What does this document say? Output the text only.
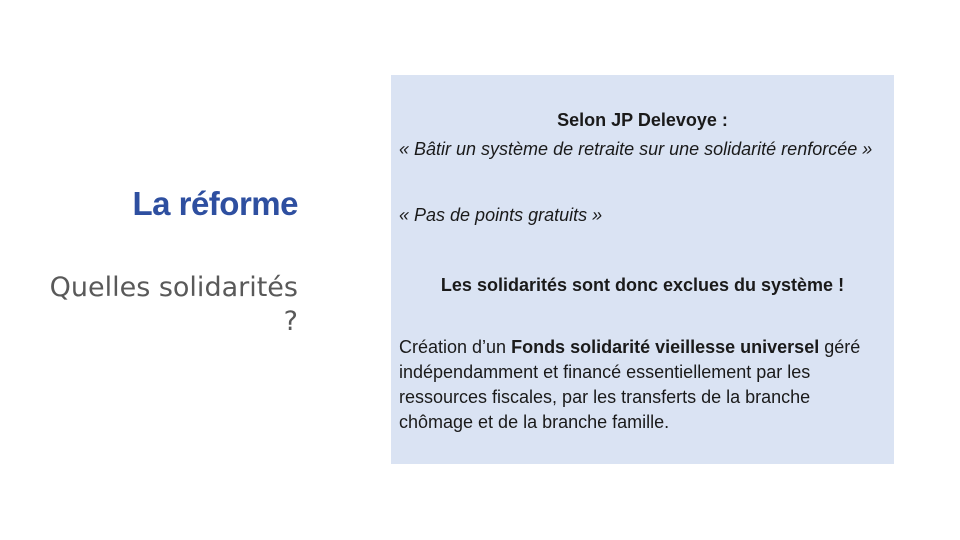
La réforme
Quelles solidarités ?
Selon JP Delevoye :
« Bâtir un système de retraite sur une solidarité renforcée »
« Pas de points gratuits »
Les solidarités sont donc exclues du système !
Création d’un Fonds solidarité vieillesse universel géré indépendamment et financé essentiellement par les ressources fiscales, par les transferts de la branche chômage et de la branche famille.
